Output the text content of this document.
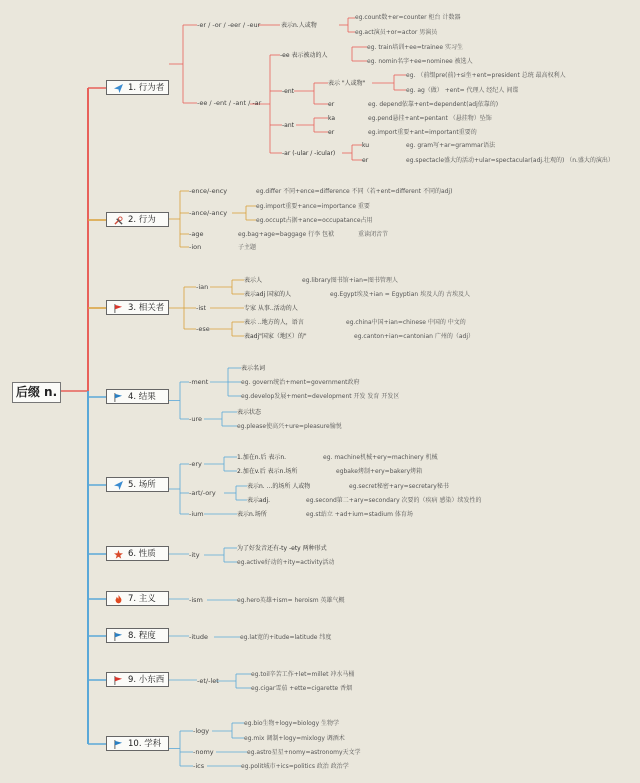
后缀 n.
1. 行为者
2. 行为
3. 相关者
4. 结果
5. 场所
6. 性质
7. 主义
8. 程度
9. 小东西
10. 学科
-er / -or / -eer / -eur	表示n.人或物
eg.count数+er=counter 柜台 计数器
eg.act演员+or=actor 男演员
-ee / -ent / -ant / -ar
-ee 表示被动的人
eg. train培训+ee=trainee 实习生
eg. nomin名字+ee=nominee 被选人
-ent
表示 "人或物"
eg. （前缀pre(前)+si坐+ent=president 总统 最高权利人
eg. ag（做） +ent= 代理人 经纪人 间谍
er	eg. depend依靠+ent=dependent(adj依靠的)
-ant
ka	eg.pend悬挂+ant=pentant （悬挂物）坠饰
er	eg.import重要+ant=important重要的
-ar (-ular / -icular)
ku	eg. gram写+ar=grammar语法
er	eg.spectacle盛大的活动+ular=spectacular(adj.壮观的) （n.盛大的演出）
-ence/-ency	eg.differ 不同+ence=difference 不同（若+ent=different 不同的adj)
-ance/-ancy
eg.import重要+ance=importance 重要
eg.occupt占据+ance=occupatance占用
-age	eg.bag+age=baggage 行李 包袱	重读闭音节
-ion	子主题
-ian
表示人	eg.library图书馆+ian=图书管理人
表示adj 国家的人	eg.Egypt埃及+ian = Egyptian 埃及人的 古埃及人
-ist	专家 从事..活动的人
-ese
表示 ..地方的人，语言	eg.china中国+ian=chinese 中国的 中文的
表adj"国家（地区）的"	eg.canton+ian=cantonian 广州的（adj）
-ment
表示名词
eg. govern统治+ment=government政府
eg.develop发展+ment=development 开发 发育 开发区
-ure
表示状态
eg.please使高兴+ure=pleasure愉悦
-ery
1.加在n.后 表示n.	eg. machine机械+ery=machinery 机械
2.加在v.后 表示n.场所	egbake烤制+ery=bakery烤箱
-art/-ory
表示n. ...的场所 人或物	eg.secret秘密+ary=secretary秘书
表示adj.	eg.second第二+ary=secondary 次要的（疾病 感染）续发性的
-ium	表示n.场所	eg.st站立 +ad+ium=stadium 体育场
-ity
为了好发音还有-ty -ety 两种形式
eg.active好动的+ity=activity活动
-ism	eg.hero英雄+ism= heroism 英雄气概
-itude	eg.lat宽的+itude=latitude 纬度
-et/-let
eg.toil辛苦工作+let=millet 冲水马桶
eg.cigar雪茄 +ette=cigarette 香烟
-logy
eg.bio生物+logy=biology 生物学
eg.mix 调制+logy=mixlogy 调酒术
-nomy	eg.astro星星+nomy=astronomy天文学
-ics	eg.polit城市+ics=politics 政治 政治学
